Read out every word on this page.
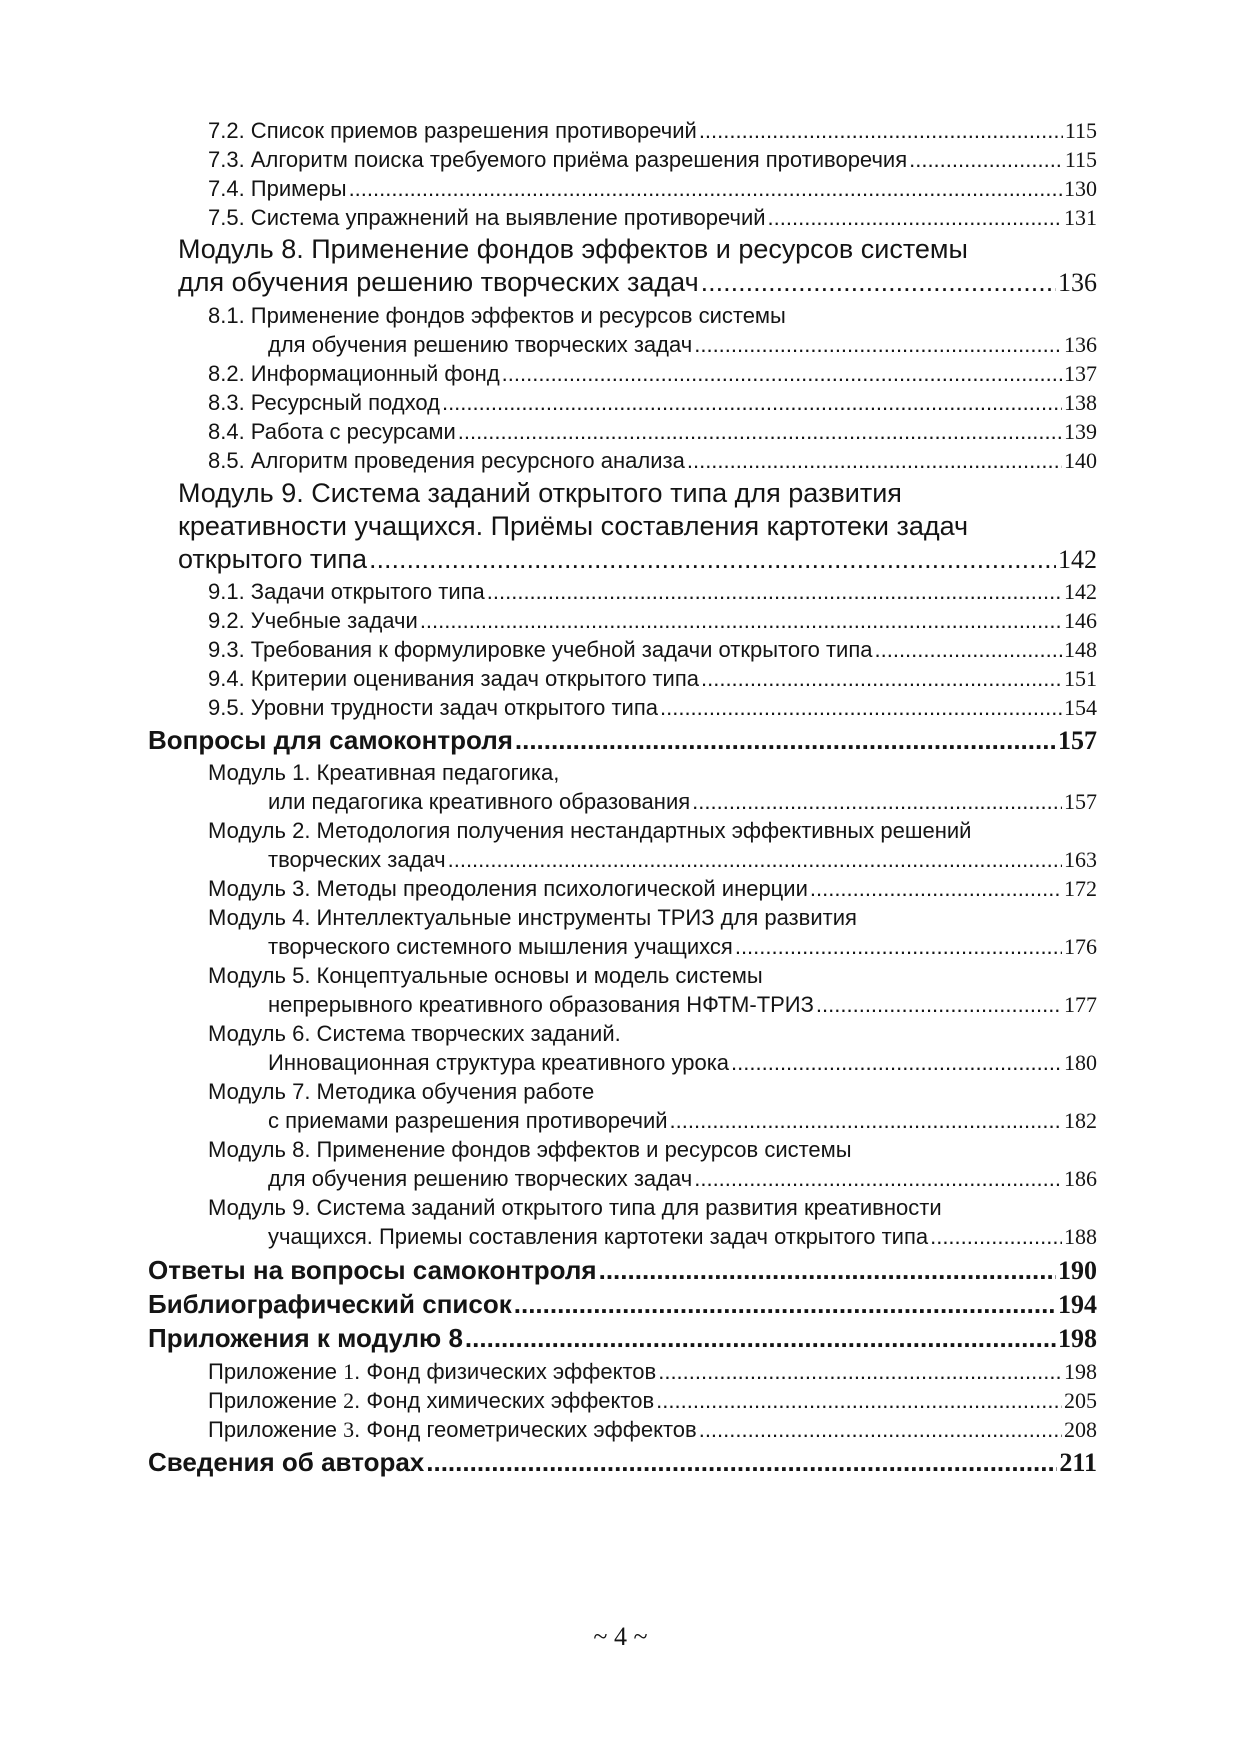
7.2. Список приемов разрешения противоречий .....	115
7.3. Алгоритм поиска требуемого приёма разрешения противоречия .....	115
7.4. Примеры .....	130
7.5. Система упражнений на выявление противоречий .....	131
Модуль 8. Применение фондов эффектов и ресурсов системы
для обучения решению творческих задач .....	136
8.1. Применение фондов эффектов и ресурсов системы
для обучения решению творческих задач .....	136
8.2. Информационный фонд .....	137
8.3. Ресурсный подход .....	138
8.4. Работа с ресурсами .....	139
8.5. Алгоритм проведения ресурсного анализа .....	140
Модуль 9. Система заданий открытого типа для развития
креативности учащихся. Приёмы составления картотеки задач
открытого типа .....	142
9.1. Задачи открытого типа .....	142
9.2. Учебные задачи .....	146
9.3. Требования к формулировке учебной задачи открытого типа .....	148
9.4. Критерии оценивания задач открытого типа .....	151
9.5. Уровни трудности задач открытого типа .....	154
Вопросы для самоконтроля .....	157
Модуль 1. Креативная педагогика,
или педагогика креативного образования .....	157
Модуль 2. Методология получения нестандартных эффективных решений
творческих задач .....	163
Модуль 3. Методы преодоления психологической инерции .....	172
Модуль 4. Интеллектуальные инструменты ТРИЗ для развития
творческого системного мышления учащихся .....	176
Модуль 5. Концептуальные основы и модель системы
непрерывного креативного образования НФТМ-ТРИЗ .....	177
Модуль 6. Система творческих заданий.
Инновационная структура креативного урока .....	180
Модуль 7. Методика обучения работе
с приемами разрешения противоречий .....	182
Модуль 8. Применение фондов эффектов и ресурсов системы
для обучения решению творческих задач .....	186
Модуль 9. Система заданий открытого типа для развития креативности
учащихся. Приемы составления картотеки задач открытого типа .....	188
Ответы на вопросы самоконтроля .....	190
Библиографический список .....	194
Приложения к модулю 8 .....	198
Приложение 1. Фонд физических эффектов .....	198
Приложение 2. Фонд химических эффектов .....	205
Приложение 3. Фонд геометрических эффектов .....	208
Сведения об авторах .....	211
~ 4 ~
